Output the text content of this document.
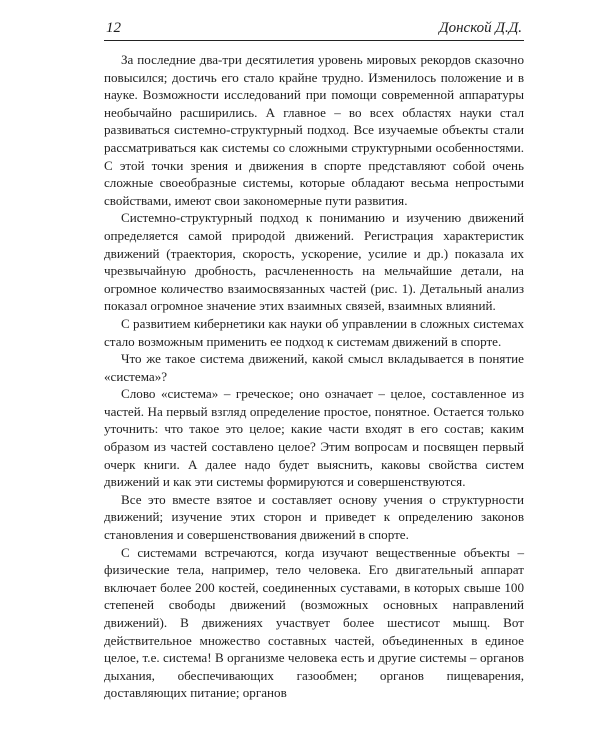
12	Донской Д.Д.

За последние два-три десятилетия уровень мировых рекордов сказочно повысился; достичь его стало крайне трудно. Изменилось положение и в науке. Возможности исследований при помощи современной аппаратуры необычайно расширились. А главное – во всех областях науки стал развиваться системно-структурный подход. Все изучаемые объекты стали рассматриваться как системы со сложными структурными особенностями. С этой точки зрения и движения в спорте представляют собой очень сложные своеобразные системы, которые обладают весьма непростыми свойствами, имеют свои закономерные пути развития.

Системно-структурный подход к пониманию и изучению движений определяется самой природой движений. Регистрация характеристик движений (траектория, скорость, ускорение, усилие и др.) показала их чрезвычайную дробность, расчлененность на мельчайшие детали, на огромное количество взаимосвязанных частей (рис. 1). Детальный анализ показал огромное значение этих взаимных связей, взаимных влияний.

С развитием кибернетики как науки об управлении в сложных системах стало возможным применить ее подход к системам движений в спорте.

Что же такое система движений, какой смысл вкладывается в понятие «система»?

Слово «система» – греческое; оно означает – целое, составленное из частей. На первый взгляд определение простое, понятное. Остается только уточнить: что такое это целое; какие части входят в его состав; каким образом из частей составлено целое? Этим вопросам и посвящен первый очерк книги. А далее надо будет выяснить, каковы свойства систем движений и как эти системы формируются и совершенствуются.

Все это вместе взятое и составляет основу учения о структурности движений; изучение этих сторон и приведет к определению законов становления и совершенствования движений в спорте.

С системами встречаются, когда изучают вещественные объекты – физические тела, например, тело человека. Его двигательный аппарат включает более 200 костей, соединенных суставами, в которых свыше 100 степеней свободы движений (возможных основных направлений движений). В движениях участвует более шестисот мышц. Вот действительное множество составных частей, объединенных в единое целое, т.е. система! В организме человека есть и другие системы – органов дыхания, обеспечивающих газообмен; органов пищеварения, доставляющих питание; органов
